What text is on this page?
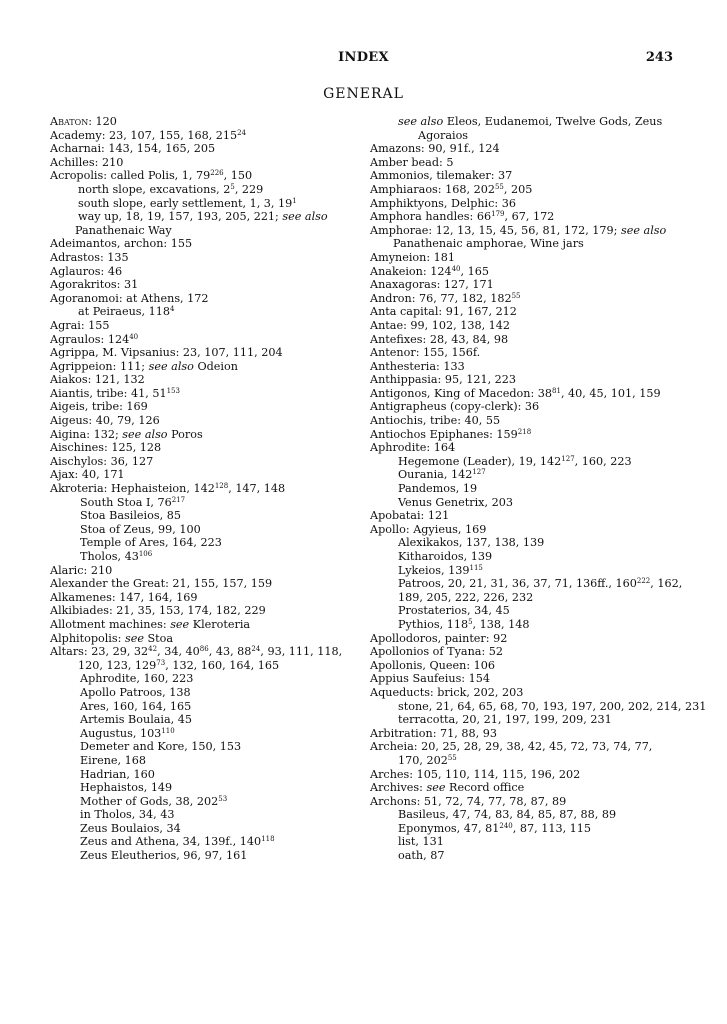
INDEX	243
GENERAL
Abaton: 120
Academy: 23, 107, 155, 168, $215^{24}$
Acharnai: 143, 154, 165, 205
Achilles: 210
Acropolis: called Polis, 1, $79^{226}$, 150
north slope, excavations, $2^5$, 229
south slope, early settlement, 1, 3, $19^1$
way up, 18, 19, 157, 193, 205, 221; see also
Panathenaic Way
Adeimantos, archon: 155
Adrastos: 135
Aglauros: 46
Agorakritos: 31
Agoranomoi: at Athens, 172
at Peiraeus, $118^4$
Agrai: 155
Agraulos: $124^{40}$
Agrippa, M. Vipsanius: 23, 107, 111, 204
Agrippeion: 111; see also Odeion
Aiakos: 121, 132
Aiantis, tribe: 41, $51^{153}$
Aigeis, tribe: 169
Aigeus: 40, 79, 126
Aigina: 132; see also Poros
Aischines: 125, 128
Aischylos: 36, 127
Ajax: 40, 171
Akroteria: Hephaisteion, $142^{128}$, 147, 148
South Stoa I, $76^{217}$
Stoa Basileios, 85
Stoa of Zeus, 99, 100
Temple of Ares, 164, 223
Tholos, $43^{106}$
Alaric: 210
Alexander the Great: 21, 155, 157, 159
Alkamenes: 147, 164, 169
Alkibiades: 21, 35, 153, 174, 182, 229
Allotment machines: see Kleroteria
Alphitopolis: see Stoa
Altars: 23, 29, $32^{42}$, 34, $40^{86}$, 43, $88^{24}$, 93, 111, 118,
120, 123, $129^{73}$, 132, 160, 164, 165
Aphrodite, 160, 223
Apollo Patroos, 138
Ares, 160, 164, 165
Artemis Boulaia, 45
Augustus, $103^{110}$
Demeter and Kore, 150, 153
Eirene, 168
Hadrian, 160
Hephaistos, 149
Mother of Gods, 38, $202^{53}$
in Tholos, 34, 43
Zeus Boulaios, 34
Zeus and Athena, 34, 139f., $140^{118}$
Zeus Eleutherios, 96, 97, 161
see also Eleos, Eudanemoi, Twelve Gods, Zeus
Agoraios
Amazons: 90, 91f., 124
Amber bead: 5
Ammonios, tilemaker: 37
Amphiaraos: 168, $202^{55}$, 205
Amphiktyons, Delphic: 36
Amphora handles: $66^{179}$, 67, 172
Amphorae: 12, 13, 15, 45, 56, 81, 172, 179; see also
Panathenaic amphorae, Wine jars
Amyneion: 181
Anakeion: $124^{40}$, 165
Anaxagoras: 127, 171
Andron: 76, 77, 182, $182^{55}$
Anta capital: 91, 167, 212
Antae: 99, 102, 138, 142
Antefixes: 28, 43, 84, 98
Antenor: 155, 156f.
Anthesteria: 133
Anthippasia: 95, 121, 223
Antigonos, King of Macedon: $38^{81}$, 40, 45, 101, 159
Antigrapheus (copy-clerk): 36
Antiochis, tribe: 40, 55
Antiochos Epiphanes: $159^{218}$
Aphrodite: 164
Hegemone (Leader), 19, $142^{127}$, 160, 223
Ourania, $142^{127}$
Pandemos, 19
Venus Genetrix, 203
Apobatai: 121
Apollo: Agyieus, 169
Alexikakos, 137, 138, 139
Kitharoidos, 139
Lykeios, $139^{115}$
Patroos, 20, 21, 31, 36, 37, 71, 136ff., $160^{222}$, 162,
189, 205, 222, 226, 232
Prostaterios, 34, 45
Pythios, $118^5$, 138, 148
Apollodoros, painter: 92
Apollonios of Tyana: 52
Apollonis, Queen: 106
Appius Saufeius: 154
Aqueducts: brick, 202, 203
stone, 21, 64, 65, 68, 70, 193, 197, 200, 202, 214, 231
terracotta, 20, 21, 197, 199, 209, 231
Arbitration: 71, 88, 93
Archeia: 20, 25, 28, 29, 38, 42, 45, 72, 73, 74, 77,
170, $202^{55}$
Arches: 105, 110, 114, 115, 196, 202
Archives: see Record office
Archons: 51, 72, 74, 77, 78, 87, 89
Basileus, 47, 74, 83, 84, 85, 87, 88, 89
Eponymos, 47, $81^{240}$, 87, 113, 115
list, 131
oath, 87
